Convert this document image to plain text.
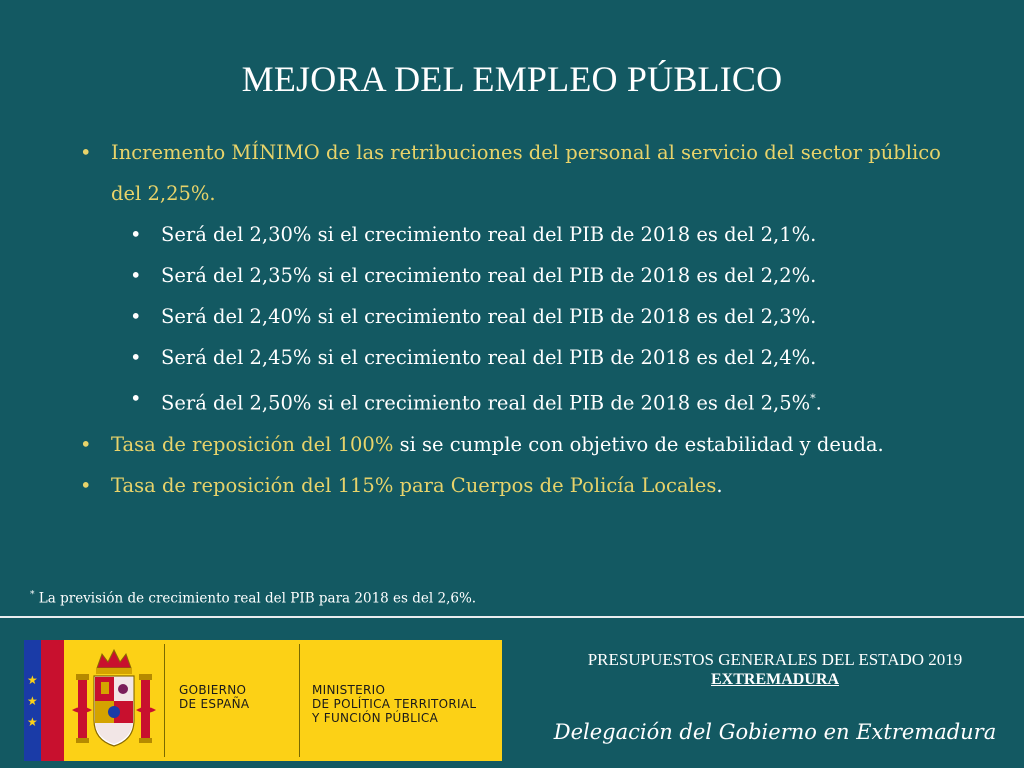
MEJORA DEL EMPLEO PÚBLICO
• Incremento MÍNIMO de las retribuciones del personal al servicio del sector público
del 2,25%.
• Será del 2,30% si el crecimiento real del PIB de 2018 es del 2,1%.
• Será del 2,35% si el crecimiento real del PIB de 2018 es del 2,2%.
• Será del 2,40% si el crecimiento real del PIB de 2018 es del 2,3%.
• Será del 2,45% si el crecimiento real del PIB de 2018 es del 2,4%.
• Será del 2,50% si el crecimiento real del PIB de 2018 es del 2,5%*.
• Tasa de reposición del 100% si se cumple con objetivo de estabilidad y deuda.
• Tasa de reposición del 115% para Cuerpos de Policía Locales.
* La previsión de crecimiento real del PIB para 2018 es del 2,6%.
★
★
★
GOBIERNO
DE ESPAÑA
MINISTERIO
DE POLÍTICA TERRITORIAL
Y FUNCIÓN PÚBLICA
PRESUPUESTOS GENERALES DEL ESTADO 2019
EXTREMADURA
Delegación del Gobierno en Extremadura
